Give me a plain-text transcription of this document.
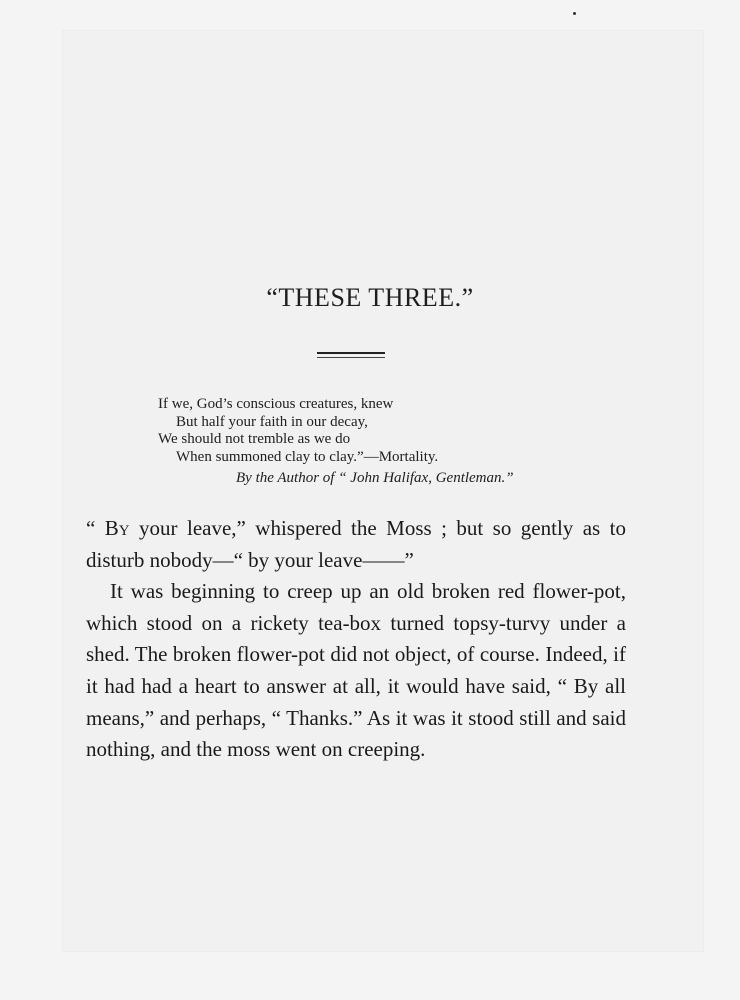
“THESE THREE.”
If we, God’s conscious creatures, knew
But half your faith in our decay,
We should not tremble as we do
When summoned clay to clay.”—Mortality.
By the Author of “ John Halifax, Gentleman.”

“ By your leave,” whispered the Moss ; but so gently as to disturb nobody—“ by your leave——”

It was beginning to creep up an old broken red flower-pot, which stood on a rickety tea-box turned topsy-turvy under a shed. The broken flower-pot did not object, of course. Indeed, if it had had a heart to answer at all, it would have said, “ By all means,” and perhaps, “ Thanks.” As it was it stood still and said nothing, and the moss went on creeping.
